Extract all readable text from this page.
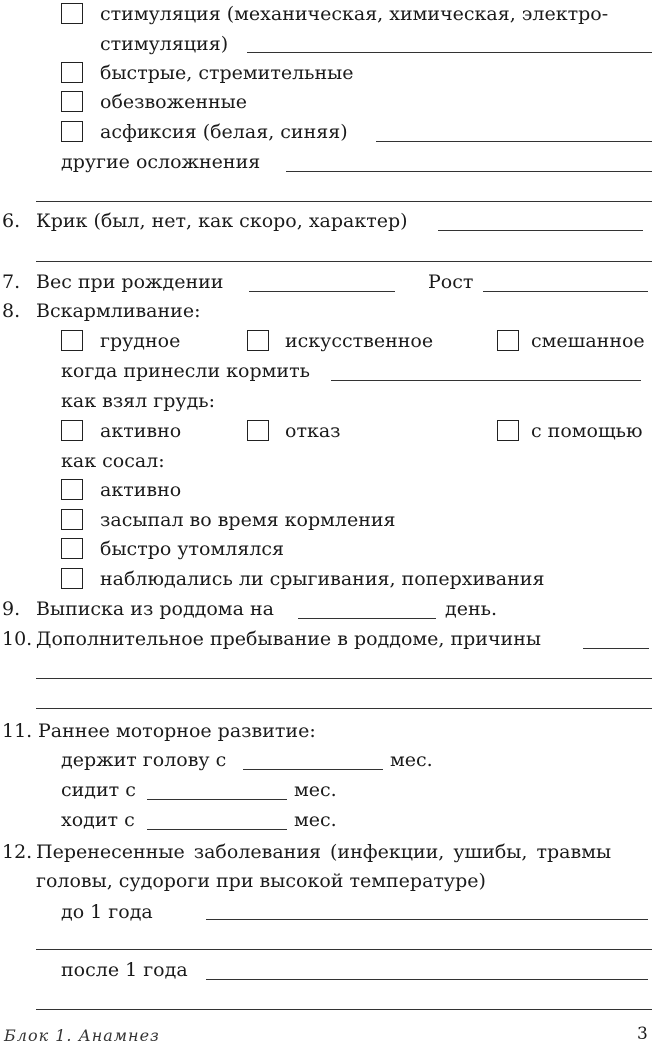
стимуляция (механическая, химическая, электро-
стимуляция)
быстрые, стремительные
обезвоженные
асфиксия (белая, синяя)
другие осложнения
6. Крик (был, нет, как скоро, характер)
7. Вес при рождении	Рост
8. Вскармливание:
грудное	искусственное	смешанное
когда принесли кормить
как взял грудь:
активно	отказ	с помощью
как сосал:
активно
засыпал во время кормления
быстро утомлялся
наблюдались ли срыгивания, поперхивания
9. Выписка из роддома на	день.
10. Дополнительное пребывание в роддоме, причины
11. Раннее моторное развитие:
держит голову с	мес.
сидит с	мес.
ходит с	мес.
12. Перенесенные заболевания (инфекции, ушибы, травмы
головы, судороги при высокой температуре)
до 1 года
после 1 года
Блок 1. Анамнез	3
